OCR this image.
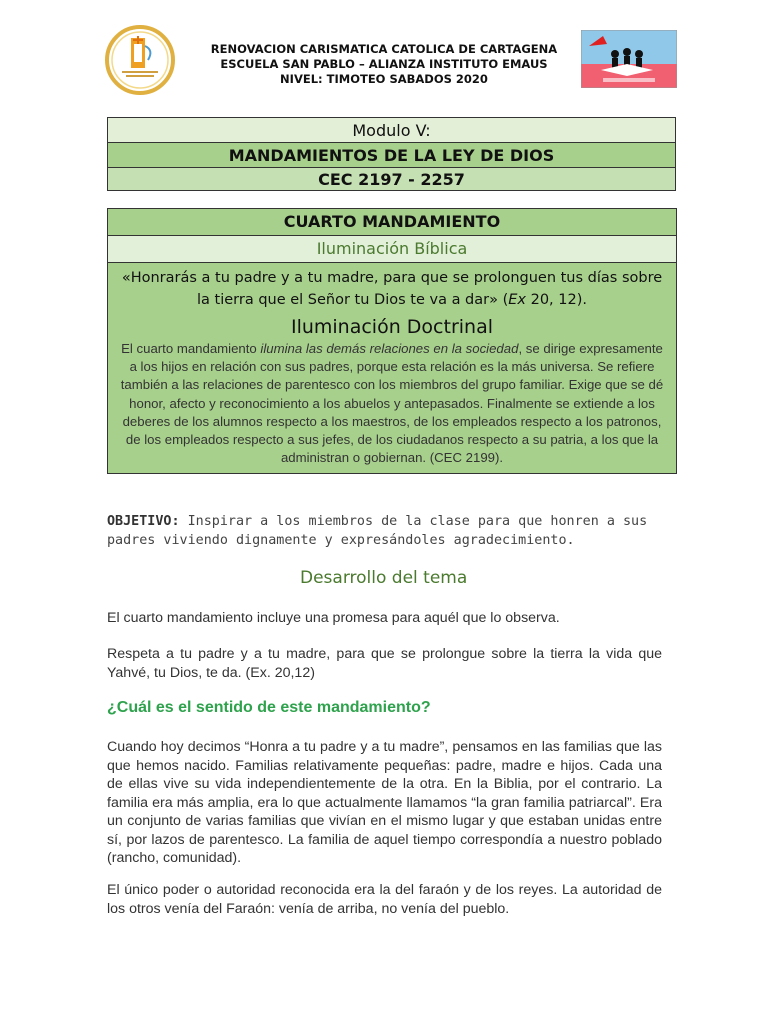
RENOVACION CARISMATICA CATOLICA DE CARTAGENA
ESCUELA SAN PABLO – ALIANZA INSTITUTO EMAUS
NIVEL: TIMOTEO SABADOS 2020
Modulo V:
MANDAMIENTOS DE LA LEY DE DIOS
CEC 2197 - 2257
CUARTO MANDAMIENTO
Iluminación Bíblica
«Honrarás a tu padre y a tu madre, para que se prolonguen tus días sobre la tierra que el Señor tu Dios te va a dar» (Ex 20, 12).
Iluminación Doctrinal
El cuarto mandamiento ilumina las demás relaciones en la sociedad, se dirige expresamente a los hijos en relación con sus padres, porque esta relación es la más universa. Se refiere también a las relaciones de parentesco con los miembros del grupo familiar. Exige que se dé honor, afecto y reconocimiento a los abuelos y antepasados. Finalmente se extiende a los deberes de los alumnos respecto a los maestros, de los empleados respecto a los patronos, de los empleados respecto a sus jefes, de los ciudadanos respecto a su patria, a los que la administran o gobiernan. (CEC 2199).
OBJETIVO: Inspirar a los miembros de la clase para que honren a sus padres viviendo dignamente y expresándoles agradecimiento.
Desarrollo del tema
El cuarto mandamiento incluye una promesa para aquél que lo observa.
Respeta a tu padre y a tu madre, para que se prolongue sobre la tierra la vida que Yahvé, tu Dios, te da. (Ex. 20,12)
¿Cuál es el sentido de este mandamiento?
Cuando hoy decimos “Honra a tu padre y a tu madre”, pensamos en las familias que las que hemos nacido. Familias relativamente pequeñas: padre, madre e hijos. Cada una de ellas vive su vida independientemente de la otra. En la Biblia, por el contrario. La familia era más amplia, era lo que actualmente llamamos “la gran familia patriarcal”. Era un conjunto de varias familias que vivían en el mismo lugar y que estaban unidas entre sí, por lazos de parentesco. La familia de aquel tiempo correspondía a nuestro poblado (rancho, comunidad).
El único poder o autoridad reconocida era la del faraón y de los reyes. La autoridad de los otros venía del Faraón: venía de arriba, no venía del pueblo.
